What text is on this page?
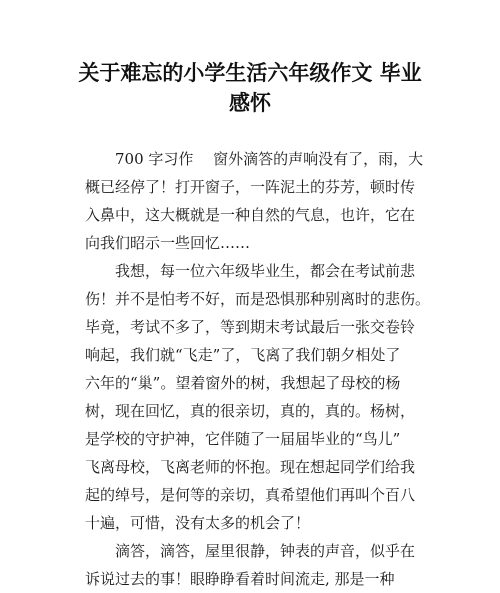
关于难忘的小学生活六年级作文 毕业
感怀

　　700 字习作　 窗外滴答的声响没有了，雨，大
概已经停了！打开窗子，一阵泥土的芬芳，顿时传
入鼻中，这大概就是一种自然的气息，也许，它在
向我们昭示一些回忆……

　　我想，每一位六年级毕业生，都会在考试前悲
伤！并不是怕考不好，而是恐惧那种别离时的悲伤。
毕竟，考试不多了，等到期末考试最后一张交卷铃
响起，我们就“飞走”了，飞离了我们朝夕相处了
六年的“巢”。望着窗外的树，我想起了母校的杨
树，现在回忆，真的很亲切，真的，真的。杨树，
是学校的守护神，它伴随了一届届毕业的“鸟儿”
飞离母校，飞离老师的怀抱。现在想起同学们给我
起的绰号，是何等的亲切，真希望他们再叫个百八
十遍，可惜，没有太多的机会了！

　　滴答，滴答，屋里很静，钟表的声音，似乎在
诉说过去的事！眼睁睁看着时间流走, 那是一种
